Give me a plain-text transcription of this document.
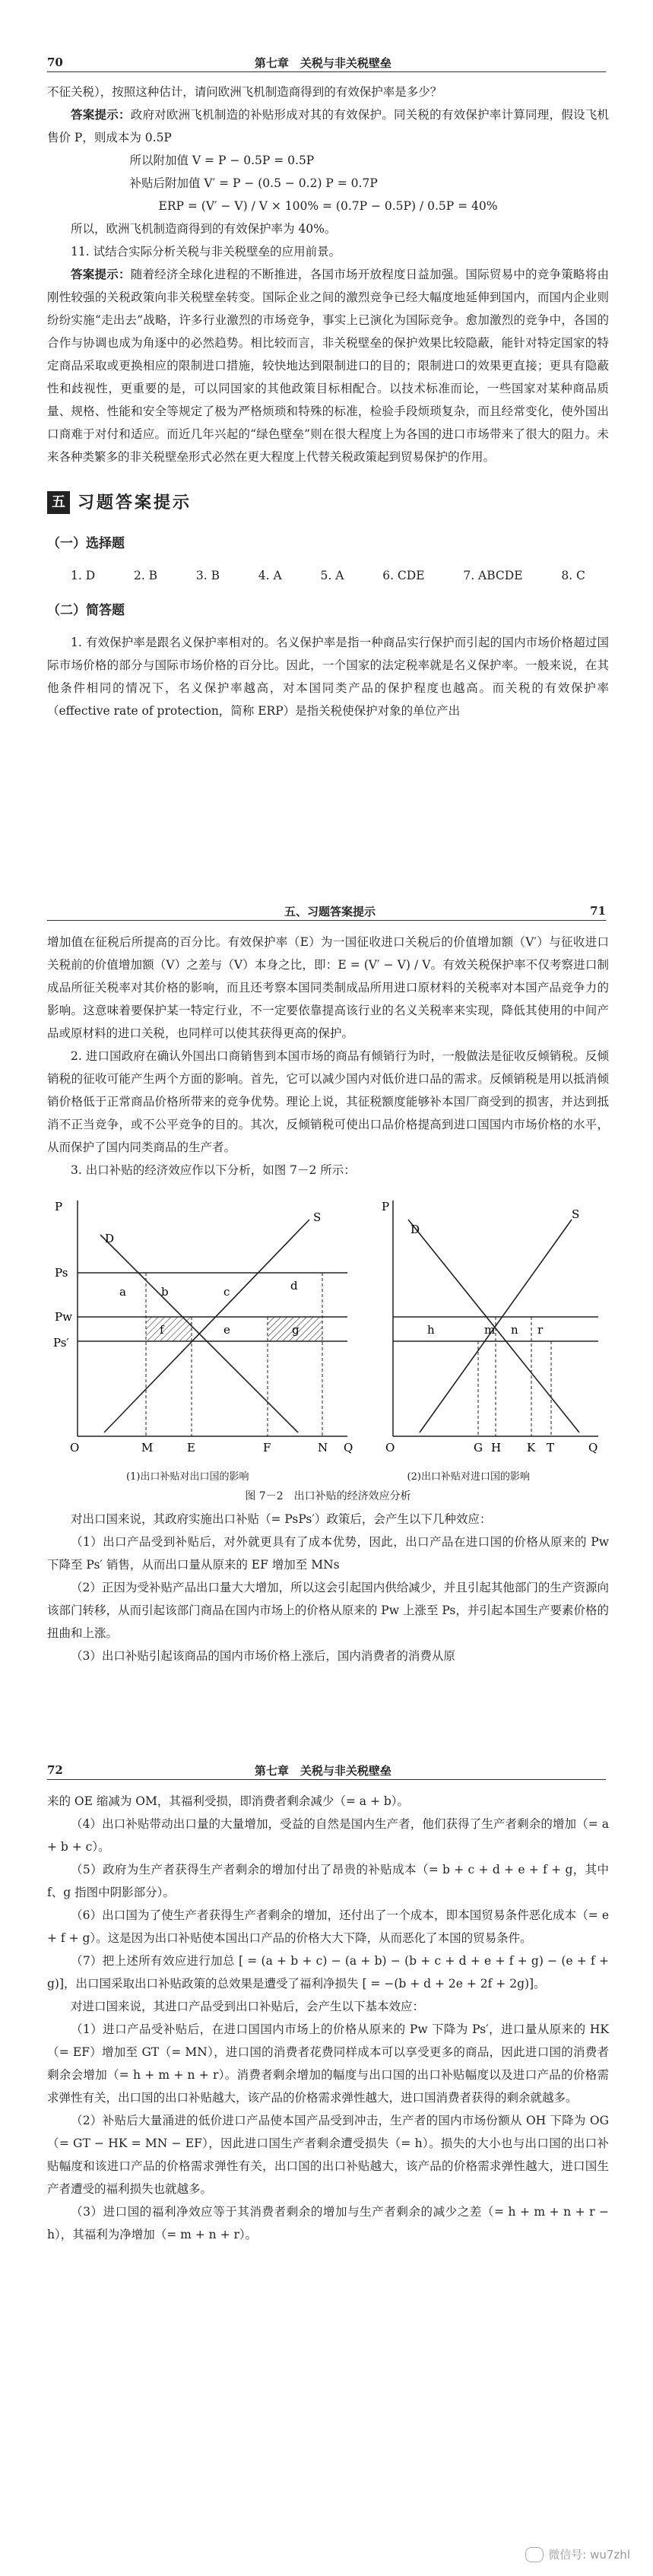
70	第七章　关税与非关税壁垒

不征关税），按照这种估计，请问欧洲飞机制造商得到的有效保护率是多少？

答案提示：政府对欧洲飞机制造的补贴形成对其的有效保护。同关税的有效保护率计算同理，假设飞机售价 P，则成本为 0.5P

所以附加值 V = P − 0.5P = 0.5P

补贴后附加值 V′ = P − (0.5 − 0.2) P = 0.7P

ERP = (V′ − V) / V × 100% = (0.7P − 0.5P) / 0.5P = 40%

所以，欧洲飞机制造商得到的有效保护率为 40%。

11. 试结合实际分析关税与非关税壁垒的应用前景。

答案提示：随着经济全球化进程的不断推进，各国市场开放程度日益加强。国际贸易中的竞争策略将由刚性较强的关税政策向非关税壁垒转变。国际企业之间的激烈竞争已经大幅度地延伸到国内，而国内企业则纷纷实施“走出去”战略，许多行业激烈的市场竞争，事实上已演化为国际竞争。愈加激烈的竞争中，各国的合作与协调也成为角逐中的必然趋势。相比较而言，非关税壁垒的保护效果比较隐蔽，能针对特定国家的特定商品采取或更换相应的限制进口措施，较快地达到限制进口的目的；限制进口的效果更直接；更具有隐蔽性和歧视性，更重要的是，可以同国家的其他政策目标相配合。以技术标准而论，一些国家对某种商品质量、规格、性能和安全等规定了极为严格烦琐和特殊的标准，检验手段烦琐复杂，而且经常变化，使外国出口商难于对付和适应。而近几年兴起的“绿色壁垒”则在很大程度上为各国的进口市场带来了很大的阻力。未来各种类繁多的非关税壁垒形式必然在更大程度上代替关税政策起到贸易保护的作用。

五 习题答案提示
（一）选择题
1. D	2. B	3. B	4. A	5. A	6. CDE	7. ABCDE	8. C
（二）简答题

1. 有效保护率是跟名义保护率相对的。名义保护率是指一种商品实行保护而引起的国内市场价格超过国际市场价格的部分与国际市场价格的百分比。因此，一个国家的法定税率就是名义保护率。一般来说，在其他条件相同的情况下，名义保护率越高，对本国同类产品的保护程度也越高。而关税的有效保护率（effective rate of protection，简称 ERP）是指关税使保护对象的单位产出

五、习题答案提示	71

增加值在征税后所提高的百分比。有效保护率（E）为一国征收进口关税后的价值增加额（V′）与征收进口关税前的价值增加额（V）之差与（V）本身之比，即：E = (V′ − V) / V。有效关税保护率不仅考察进口制成品所征关税率对其价格的影响，而且还考察本国同类制成品所用进口原材料的关税率对本国产品竞争力的影响。这意味着要保护某一特定行业，不一定要依靠提高该行业的名义关税率来实现，降低其使用的中间产品或原材料的进口关税，也同样可以使其获得更高的保护。

2. 进口国政府在确认外国出口商销售到本国市场的商品有倾销行为时，一般做法是征收反倾销税。反倾销税的征收可能产生两个方面的影响。首先，它可以减少国内对低价进口品的需求。反倾销税是用以抵消倾销价格低于正常商品价格所带来的竞争优势。理论上说，其征税额度能够补本国厂商受到的损害，并达到抵消不正当竞争，或不公平竞争的目的。其次，反倾销税可使出口品价格提高到进口国国内市场价格的水平，从而保护了国内同类商品的生产者。

3. 出口补贴的经济效应作以下分析，如图 7－2 所示：

P
Ps
Pw
Ps′
D
S
a	b	c	d
e
f	g
O	M	E	F	N Q
P
D
S
h	m n r
O	G H K T	Q
(1)出口补贴对出口国的影响	(2)出口补贴对进口国的影响

图 7－2　出口补贴的经济效应分析

对出口国来说，其政府实施出口补贴（= PsPs′）政策后，会产生以下几种效应：

（1）出口产品受到补贴后，对外就更具有了成本优势，因此，出口产品在进口国的价格从原来的 Pw 下降至 Ps′ 销售，从而出口量从原来的 EF 增加至 MNs

（2）正因为受补贴产品出口量大大增加，所以这会引起国内供给减少，并且引起其他部门的生产资源向该部门转移，从而引起该部门商品在国内市场上的价格从原来的 Pw 上涨至 Ps，并引起本国生产要素价格的扭曲和上涨。

（3）出口补贴引起该商品的国内市场价格上涨后，国内消费者的消费从原

72	第七章　关税与非关税壁垒

来的 OE 缩减为 OM，其福利受损，即消费者剩余减少（= a + b）。

（4）出口补贴带动出口量的大量增加，受益的自然是国内生产者，他们获得了生产者剩余的增加（= a + b + c）。

（5）政府为生产者获得生产者剩余的增加付出了昂贵的补贴成本（= b + c + d + e + f + g，其中 f、g 指图中阴影部分）。

（6）出口国为了使生产者获得生产者剩余的增加，还付出了一个成本，即本国贸易条件恶化成本（= e + f + g）。这是因为出口补贴使本国出口产品的价格大大下降，从而恶化了本国的贸易条件。

（7）把上述所有效应进行加总 [ = (a + b + c) − (a + b) − (b + c + d + e + f + g) − (e + f + g)]，出口国采取出口补贴政策的总效果是遭受了福利净损失 [ = −(b + d + 2e + 2f + 2g)]。

对进口国来说，其进口产品受到出口补贴后，会产生以下基本效应：

（1）进口产品受补贴后，在进口国国内市场上的价格从原来的 Pw 下降为 Ps′，进口量从原来的 HK（= EF）增加至 GT（= MN），进口国的消费者花费同样成本可以享受更多的商品，因此进口国的消费者剩余会增加（= h + m + n + r）。消费者剩余增加的幅度与出口国的出口补贴幅度以及进口产品的价格需求弹性有关，出口国的出口补贴越大，该产品的价格需求弹性越大，进口国消费者获得的剩余就越多。

（2）补贴后大量涌进的低价进口产品使本国产品受到冲击，生产者的国内市场份额从 OH 下降为 OG（= GT − HK = MN − EF），因此进口国生产者剩余遭受损失（= h）。损失的大小也与出口国的出口补贴幅度和该进口产品的价格需求弹性有关，出口国的出口补贴越大，该产品的价格需求弹性越大，进口国生产者遭受的福利损失也就越多。

（3）进口国的福利净效应等于其消费者剩余的增加与生产者剩余的减少之差（= h + m + n + r − h），其福利为净增加（= m + n + r）。

微信号: wu7zhl
